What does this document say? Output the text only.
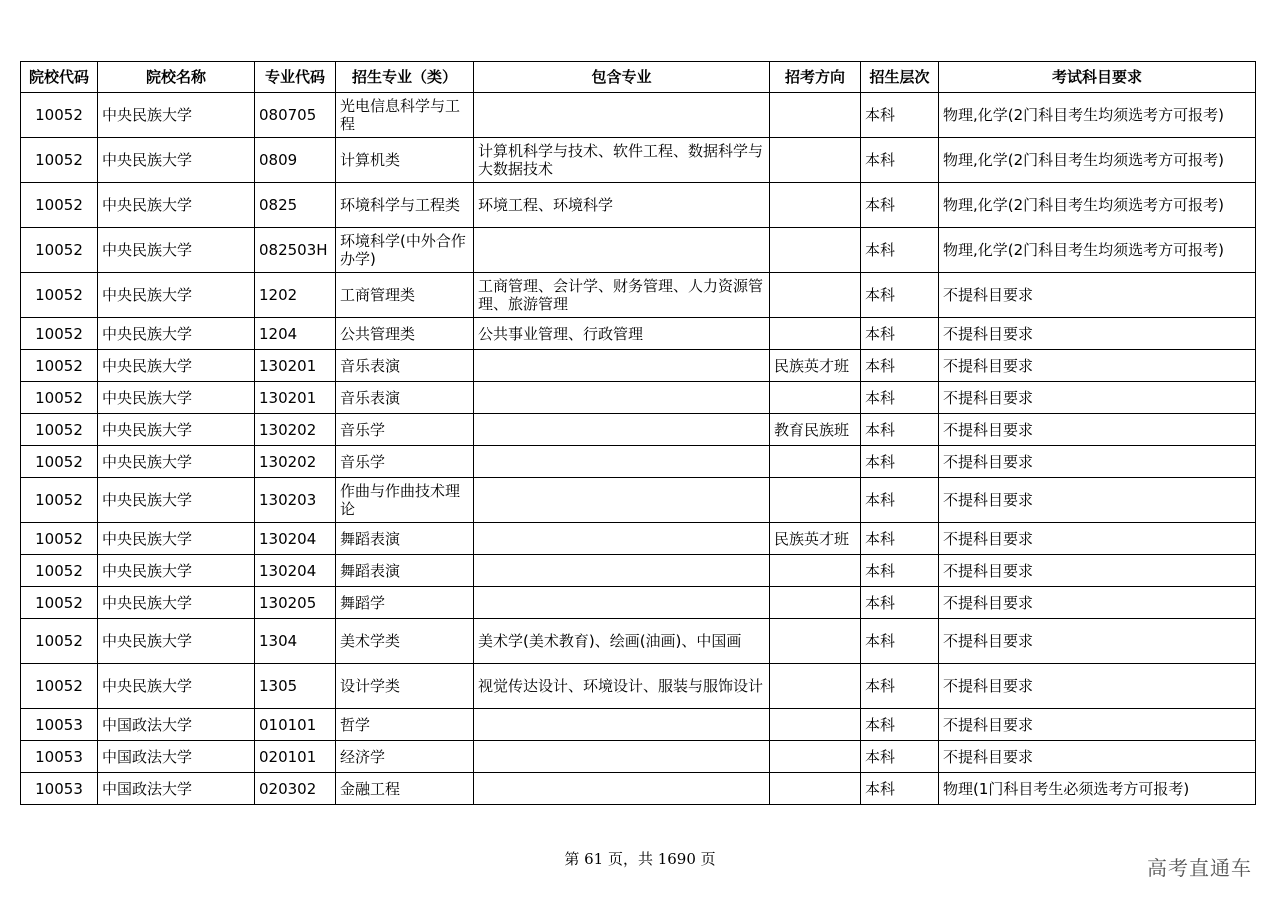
院校代码	院校名称	专业代码	招生专业（类）	包含专业	招考方向	招生层次	考试科目要求
10052	中央民族大学	080705	光电信息科学与工程			本科	物理,化学(2门科目考生均须选考方可报考)
10052	中央民族大学	0809	计算机类	计算机科学与技术、软件工程、数据科学与大数据技术		本科	物理,化学(2门科目考生均须选考方可报考)
10052	中央民族大学	0825	环境科学与工程类	环境工程、环境科学		本科	物理,化学(2门科目考生均须选考方可报考)
10052	中央民族大学	082503H	环境科学(中外合作办学)			本科	物理,化学(2门科目考生均须选考方可报考)
10052	中央民族大学	1202	工商管理类	工商管理、会计学、财务管理、人力资源管理、旅游管理		本科	不提科目要求
10052	中央民族大学	1204	公共管理类	公共事业管理、行政管理		本科	不提科目要求
10052	中央民族大学	130201	音乐表演		民族英才班	本科	不提科目要求
10052	中央民族大学	130201	音乐表演			本科	不提科目要求
10052	中央民族大学	130202	音乐学		教育民族班	本科	不提科目要求
10052	中央民族大学	130202	音乐学			本科	不提科目要求
10052	中央民族大学	130203	作曲与作曲技术理论			本科	不提科目要求
10052	中央民族大学	130204	舞蹈表演		民族英才班	本科	不提科目要求
10052	中央民族大学	130204	舞蹈表演			本科	不提科目要求
10052	中央民族大学	130205	舞蹈学			本科	不提科目要求
10052	中央民族大学	1304	美术学类	美术学(美术教育)、绘画(油画)、中国画		本科	不提科目要求
10052	中央民族大学	1305	设计学类	视觉传达设计、环境设计、服装与服饰设计		本科	不提科目要求
10053	中国政法大学	010101	哲学			本科	不提科目要求
10053	中国政法大学	020101	经济学			本科	不提科目要求
10053	中国政法大学	020302	金融工程			本科	物理(1门科目考生必须选考方可报考)
第 61 页，共 1690 页	高考直通车
